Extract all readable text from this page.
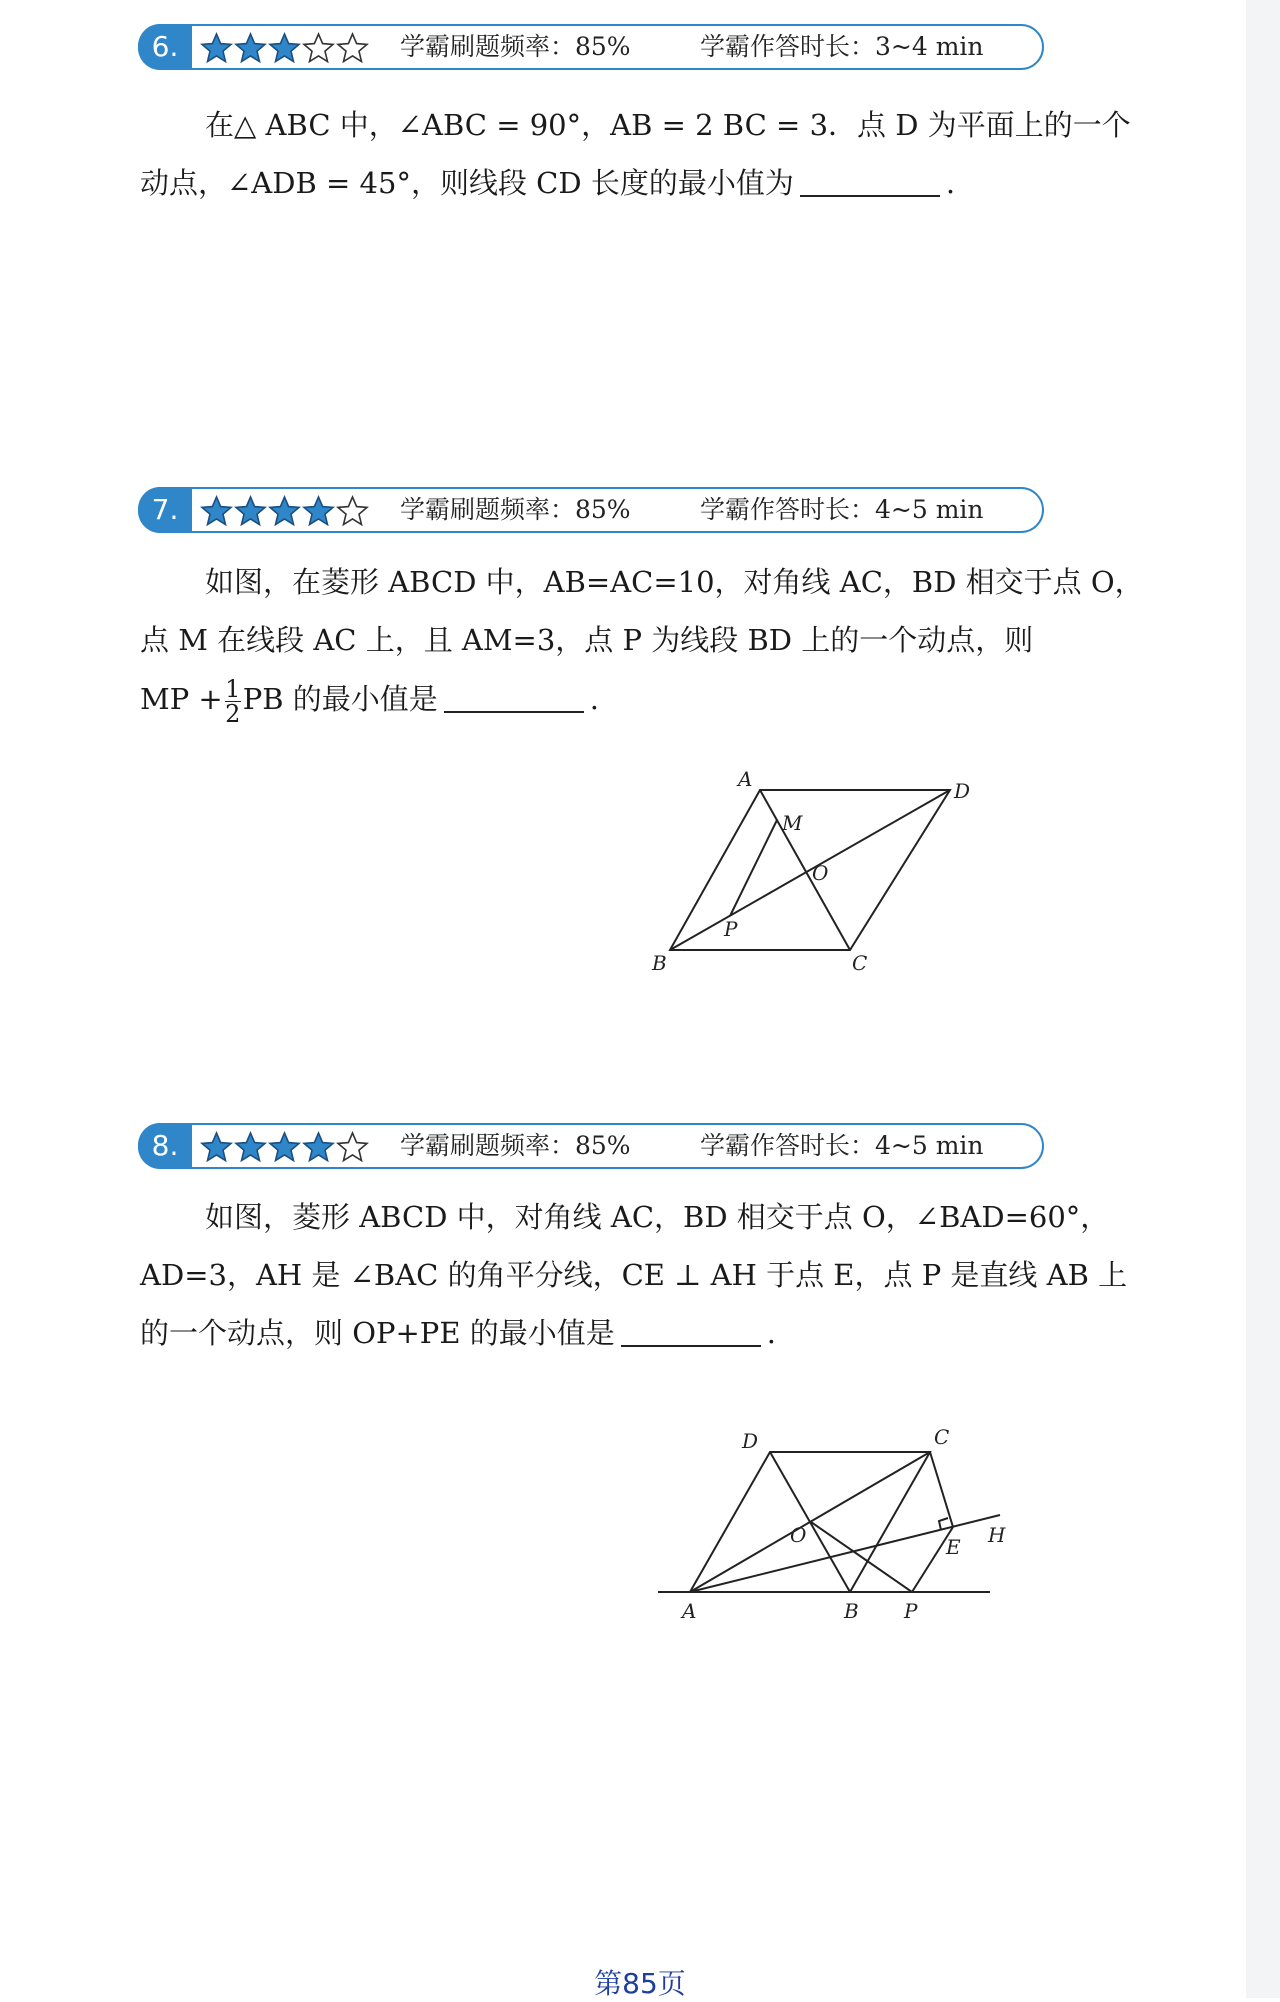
6.	学霸刷题频率：85%	学霸作答时长：3~4 min
在△ ABC 中，∠ABC = 90°，AB = 2 BC = 3．点 D 为平面上的一个
动点，∠ADB = 45°，则线段 CD 长度的最小值为	.
7.	学霸刷题频率：85%	学霸作答时长：4~5 min
如图，在菱形 ABCD 中，AB=AC=10，对角线 AC，BD 相交于点 O，
点 M 在线段 AC 上，且 AM=3，点 P 为线段 BD 上的一个动点，则
MP + $\frac{1}{2}$ PB 的最小值是	.
A	D
B	C
M
O
P
8.	学霸刷题频率：85%	学霸作答时长：4~5 min
如图，菱形 ABCD 中，对角线 AC，BD 相交于点 O，∠BAD=60°，
AD=3，AH 是 ∠BAC 的角平分线，CE ⊥ AH 于点 E，点 P 是直线 AB 上
的一个动点，则 OP+PE 的最小值是	.
D	C
O	E H
A	B P
第85页
